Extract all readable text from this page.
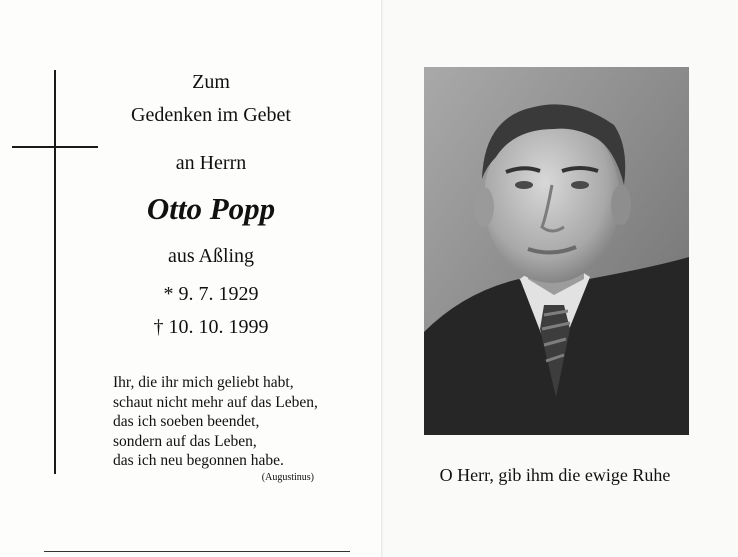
Zum
Gedenken im Gebet
an Herrn
Otto Popp
aus Aßling
* 9. 7. 1929
† 10. 10. 1999
Ihr, die ihr mich geliebt habt,
schaut nicht mehr auf das Leben,
das ich soeben beendet,
sondern auf das Leben,
das ich neu begonnen habe.
(Augustinus)	O Herr, gib ihm die ewige Ruhe
